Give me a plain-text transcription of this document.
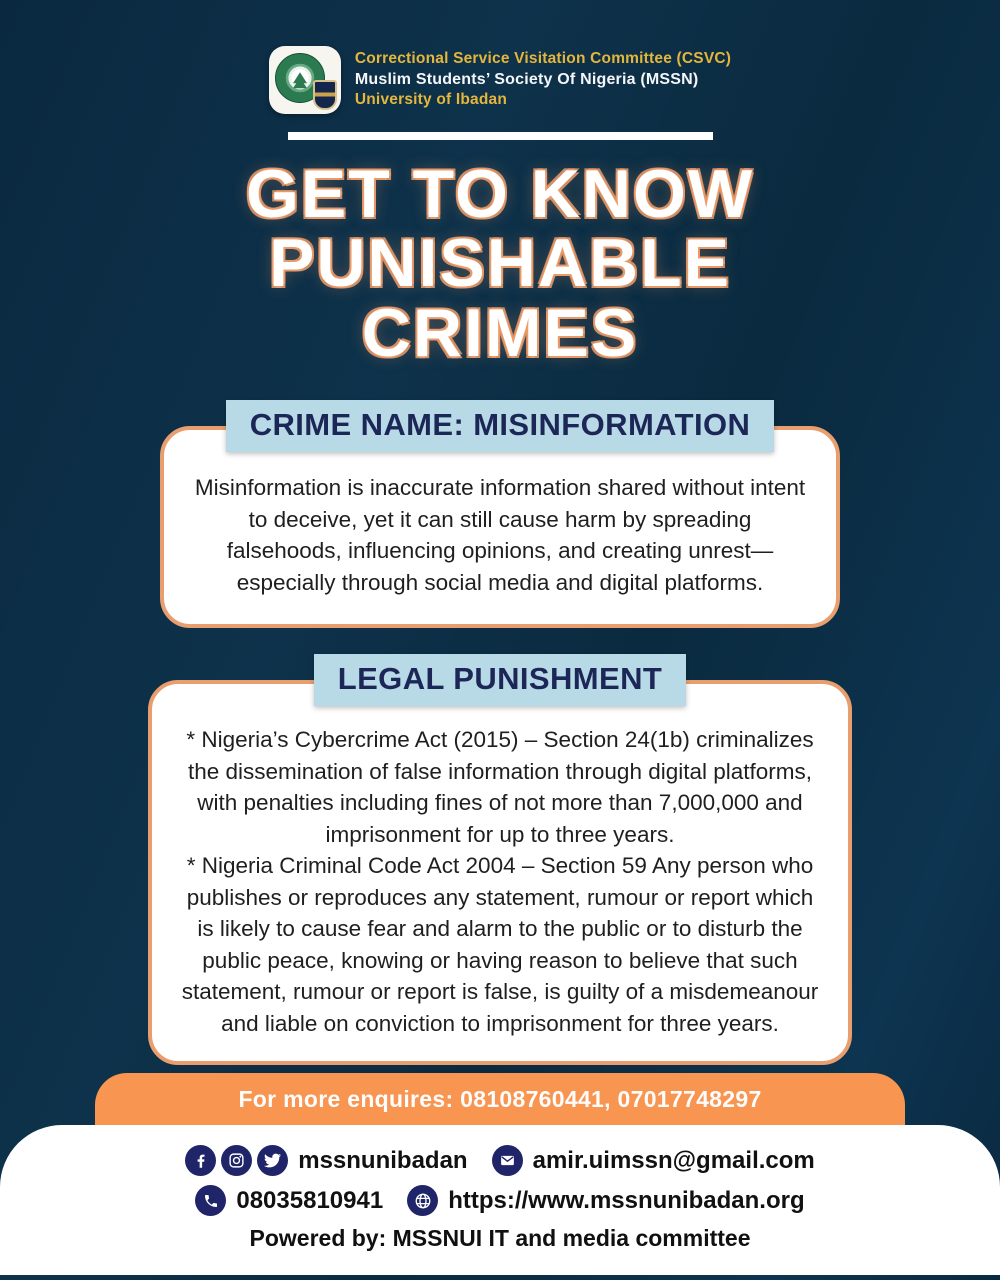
Correctional Service Visitation Committee (CSVC)
Muslim Students’ Society Of Nigeria (MSSN)
University of Ibadan
GET TO KNOW
PUNISHABLE
CRIMES
CRIME NAME: MISINFORMATION
Misinformation is inaccurate information shared without intent to deceive, yet it can still cause harm by spreading falsehoods, influencing opinions, and creating unrest—especially through social media and digital platforms.
LEGAL PUNISHMENT
* Nigeria’s Cybercrime Act (2015) – Section 24(1b) criminalizes the dissemination of false information through digital platforms, with penalties including fines of not more than 7,000,000 and imprisonment for up to three years.
* Nigeria Criminal Code Act 2004 – Section 59 Any person who publishes or reproduces any statement, rumour or report which is likely to cause fear and alarm to the public or to disturb the public peace, knowing or having reason to believe that such statement, rumour or report is false, is guilty of a misdemeanour and liable on conviction to imprisonment for three years.
For more enquires: 08108760441, 07017748297
mssnunibadan	amir.uimssn@gmail.com
08035810941	https://www.mssnunibadan.org
Powered by: MSSNUI IT and media committee
